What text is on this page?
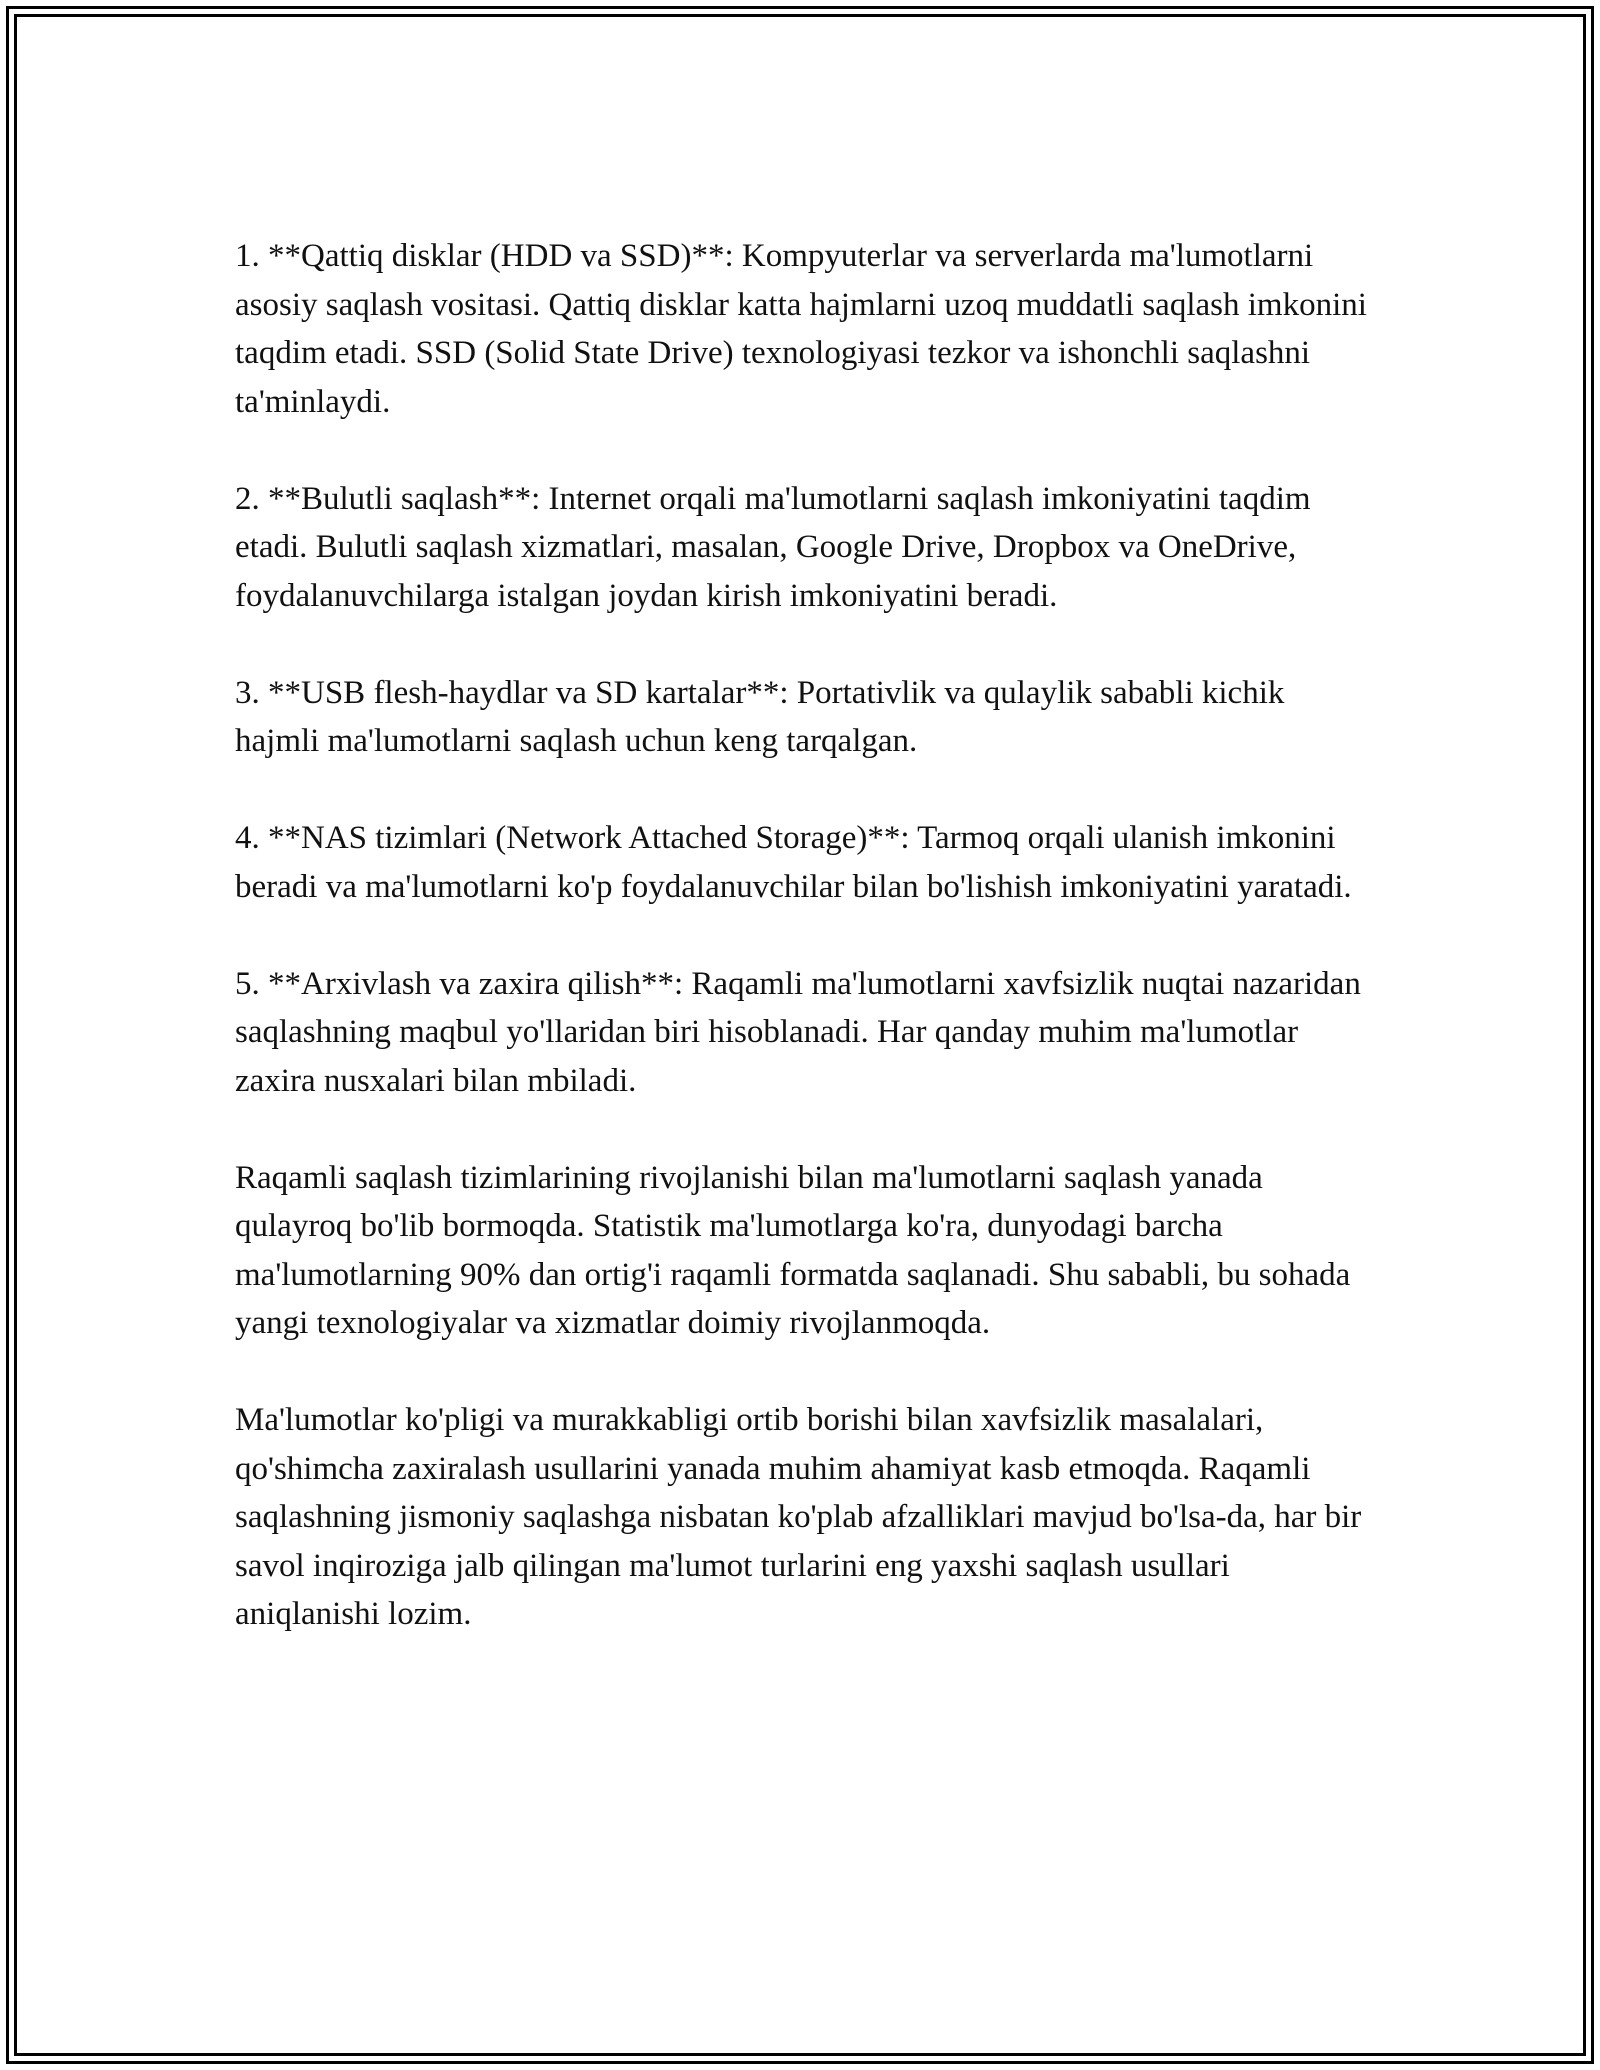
1. **Qattiq disklar (HDD va SSD)**: Kompyuterlar va serverlarda ma'lumotlarni asosiy saqlash vositasi. Qattiq disklar katta hajmlarni uzoq muddatli saqlash imkonini taqdim etadi. SSD (Solid State Drive) texnologiyasi tezkor va ishonchli saqlashni ta'minlaydi.

2. **Bulutli saqlash**: Internet orqali ma'lumotlarni saqlash imkoniyatini taqdim etadi. Bulutli saqlash xizmatlari, masalan, Google Drive, Dropbox va OneDrive, foydalanuvchilarga istalgan joydan kirish imkoniyatini beradi.

3. **USB flesh-haydlar va SD kartalar**: Portativlik va qulaylik sababli kichik hajmli ma'lumotlarni saqlash uchun keng tarqalgan.

4. **NAS tizimlari (Network Attached Storage)**: Tarmoq orqali ulanish imkonini beradi va ma'lumotlarni ko'p foydalanuvchilar bilan bo'lishish imkoniyatini yaratadi.

5. **Arxivlash va zaxira qilish**: Raqamli ma'lumotlarni xavfsizlik nuqtai nazaridan saqlashning maqbul yo'llaridan biri hisoblanadi. Har qanday muhim ma'lumotlar zaxira nusxalari bilan mbiladi.

Raqamli saqlash tizimlarining rivojlanishi bilan ma'lumotlarni saqlash yanada qulayroq bo'lib bormoqda. Statistik ma'lumotlarga ko'ra, dunyodagi barcha ma'lumotlarning 90% dan ortig'i raqamli formatda saqlanadi. Shu sababli, bu sohada yangi texnologiyalar va xizmatlar doimiy rivojlanmoqda.

Ma'lumotlar ko'pligi va murakkabligi ortib borishi bilan xavfsizlik masalalari, qo'shimcha zaxiralash usullarini yanada muhim ahamiyat kasb etmoqda. Raqamli saqlashning jismoniy saqlashga nisbatan ko'plab afzalliklari mavjud bo'lsa-da, har bir savol inqiroziga jalb qilingan ma'lumot turlarini eng yaxshi saqlash usullari aniqlanishi lozim.
